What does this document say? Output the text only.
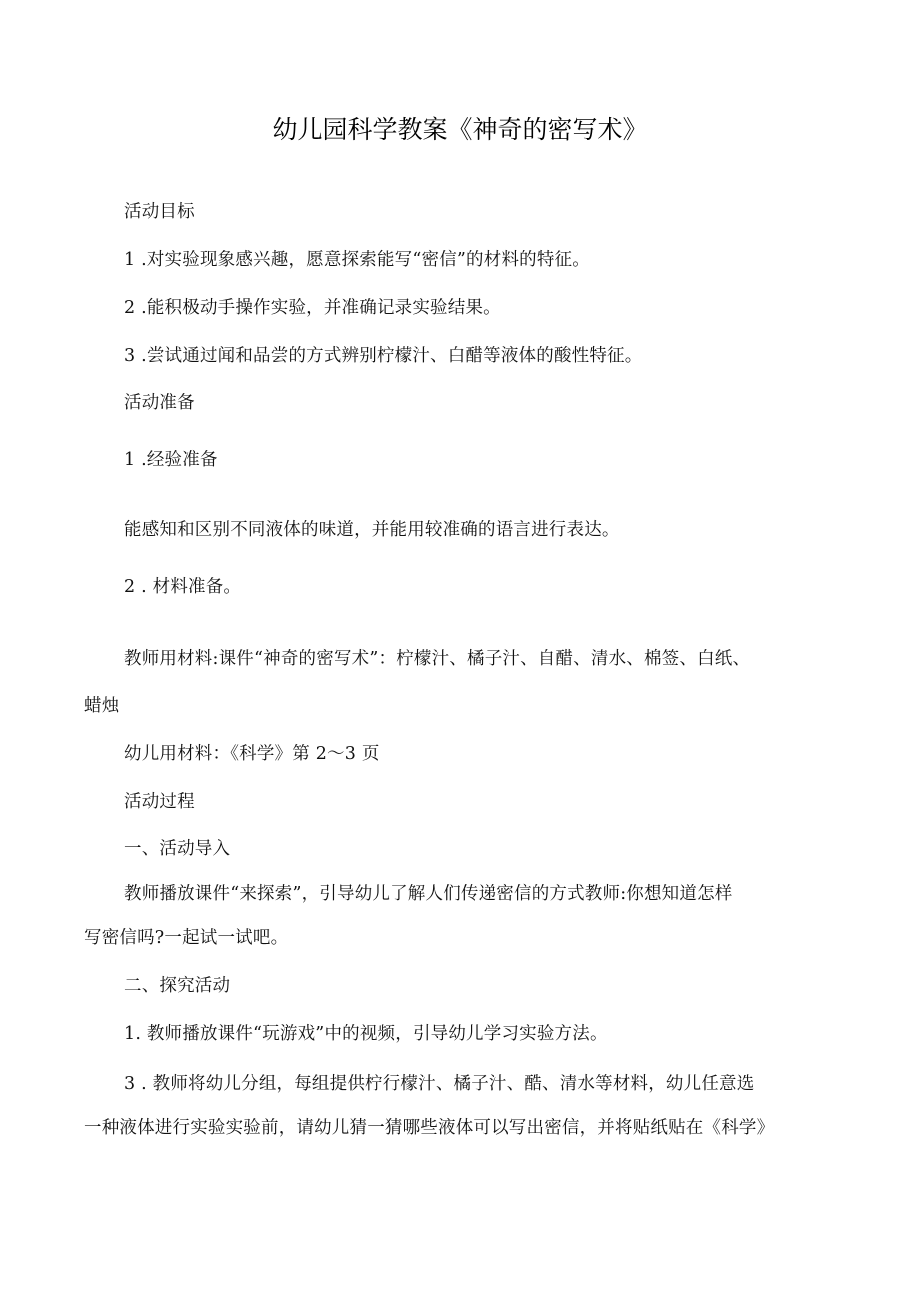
幼儿园科学教案《神奇的密写术》
活动目标
1 .对实验现象感兴趣，愿意探索能写“密信”的材料的特征。
2 .能积极动手操作实验，并准确记录实验结果。
3 .尝试通过闻和品尝的方式辨别柠檬汁、白醋等液体的酸性特征。
活动准备
1 .经验准备
能感知和区别不同液体的味道，并能用较准确的语言进行表达。
2 . 材料准备。
教师用材料:课件“神奇的密写术”：柠檬汁、橘子汁、自醋、清水、棉签、白纸、
蜡烛
幼儿用材料：《科学》第 2～3 页
活动过程
一、活动导入
教师播放课件“来探索”，引导幼儿了解人们传递密信的方式教师:你想知道怎样
写密信吗?一起试一试吧。
二、探究活动
1. 教师播放课件“玩游戏”中的视频，引导幼儿学习实验方法。
3 . 教师将幼儿分组，每组提供柠行檬汁、橘子汁、酷、清水等材料，幼儿任意选
一种液体进行实验实验前，请幼儿猜一猜哪些液体可以写出密信，并将贴纸贴在《科学》
